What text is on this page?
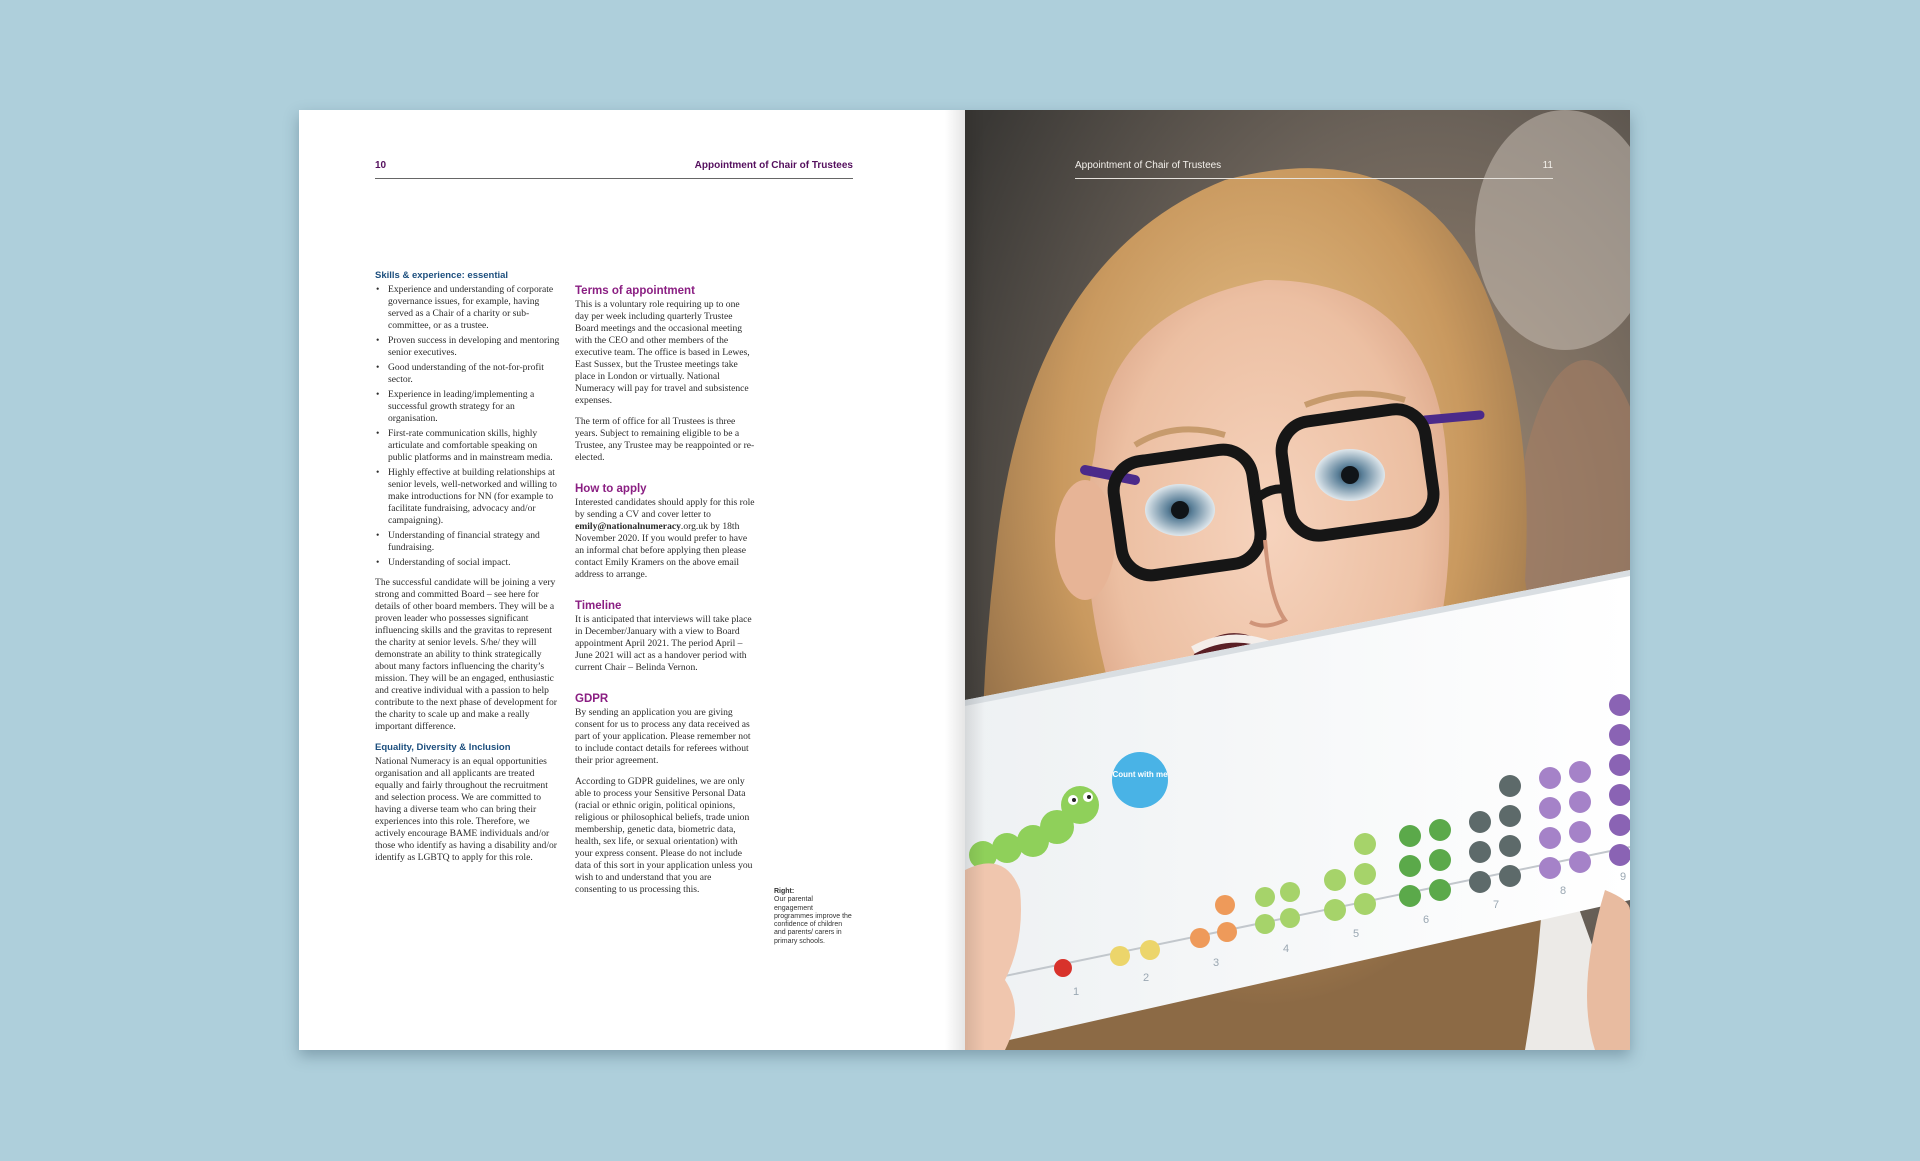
10	Appointment of Chair of Trustees
Skills & experience: essential
• Experience and understanding of corporate governance issues, for example, having served as a Chair of a charity or sub-committee, or as a trustee.
• Proven success in developing and mentoring senior executives.
• Good understanding of the not-for-profit sector.
• Experience in leading/implementing a successful growth strategy for an organisation.
• First-rate communication skills, highly articulate and comfortable speaking on public platforms and in mainstream media.
• Highly effective at building relationships at senior levels, well-networked and willing to make introductions for NN (for example to facilitate fundraising, advocacy and/or campaigning).
• Understanding of financial strategy and fundraising.
• Understanding of social impact.

The successful candidate will be joining a very strong and committed Board – see here for details of other board members. They will be a proven leader who possesses significant influencing skills and the gravitas to represent the charity at senior levels. S/he/ they will demonstrate an ability to think strategically about many factors influencing the charity’s mission. They will be an engaged, enthusiastic and creative individual with a passion to help contribute to the next phase of development for the charity to scale up and make a really important difference.

Equality, Diversity & Inclusion

National Numeracy is an equal opportunities organisation and all applicants are treated equally and fairly throughout the recruitment and selection process. We are committed to having a diverse team who can bring their experiences into this role. Therefore, we actively encourage BAME individuals and/or those who identify as having a disability and/or identify as LGBTQ to apply for this role.

Terms of appointment

This is a voluntary role requiring up to one day per week including quarterly Trustee Board meetings and the occasional meeting with the CEO and other members of the executive team. The office is based in Lewes, East Sussex, but the Trustee meetings take place in London or virtually. National Numeracy will pay for travel and subsistence expenses.

The term of office for all Trustees is three years. Subject to remaining eligible to be a Trustee, any Trustee may be reappointed or re-elected.

How to apply

Interested candidates should apply for this role by sending a CV and cover letter to emily@nationalnumeracy.org.uk by 18th November 2020. If you would prefer to have an informal chat before applying then please contact Emily Kramers on the above email address to arrange.

Timeline

It is anticipated that interviews will take place in December/January with a view to Board appointment April 2021. The period April – June 2021 will act as a handover period with current Chair – Belinda Vernon.

GDPR

By sending an application you are giving consent for us to process any data received as part of your application. Please remember not to include contact details for referees without their prior agreement.

According to GDPR guidelines, we are only able to process your Sensitive Personal Data (racial or ethnic origin, political opinions, religious or philosophical beliefs, trade union membership, genetic data, biometric data, health, sex life, or sexual orientation) with your express consent. Please do not include data of this sort in your application unless you wish to and understand that you are consenting to us processing this.	Right:
Our parental engagement programmes improve the confidence of children and parents/ carers in primary schools.
Count with me
1
2
3
4
5
6
7
8
9
Appointment of Chair of Trustees	11
